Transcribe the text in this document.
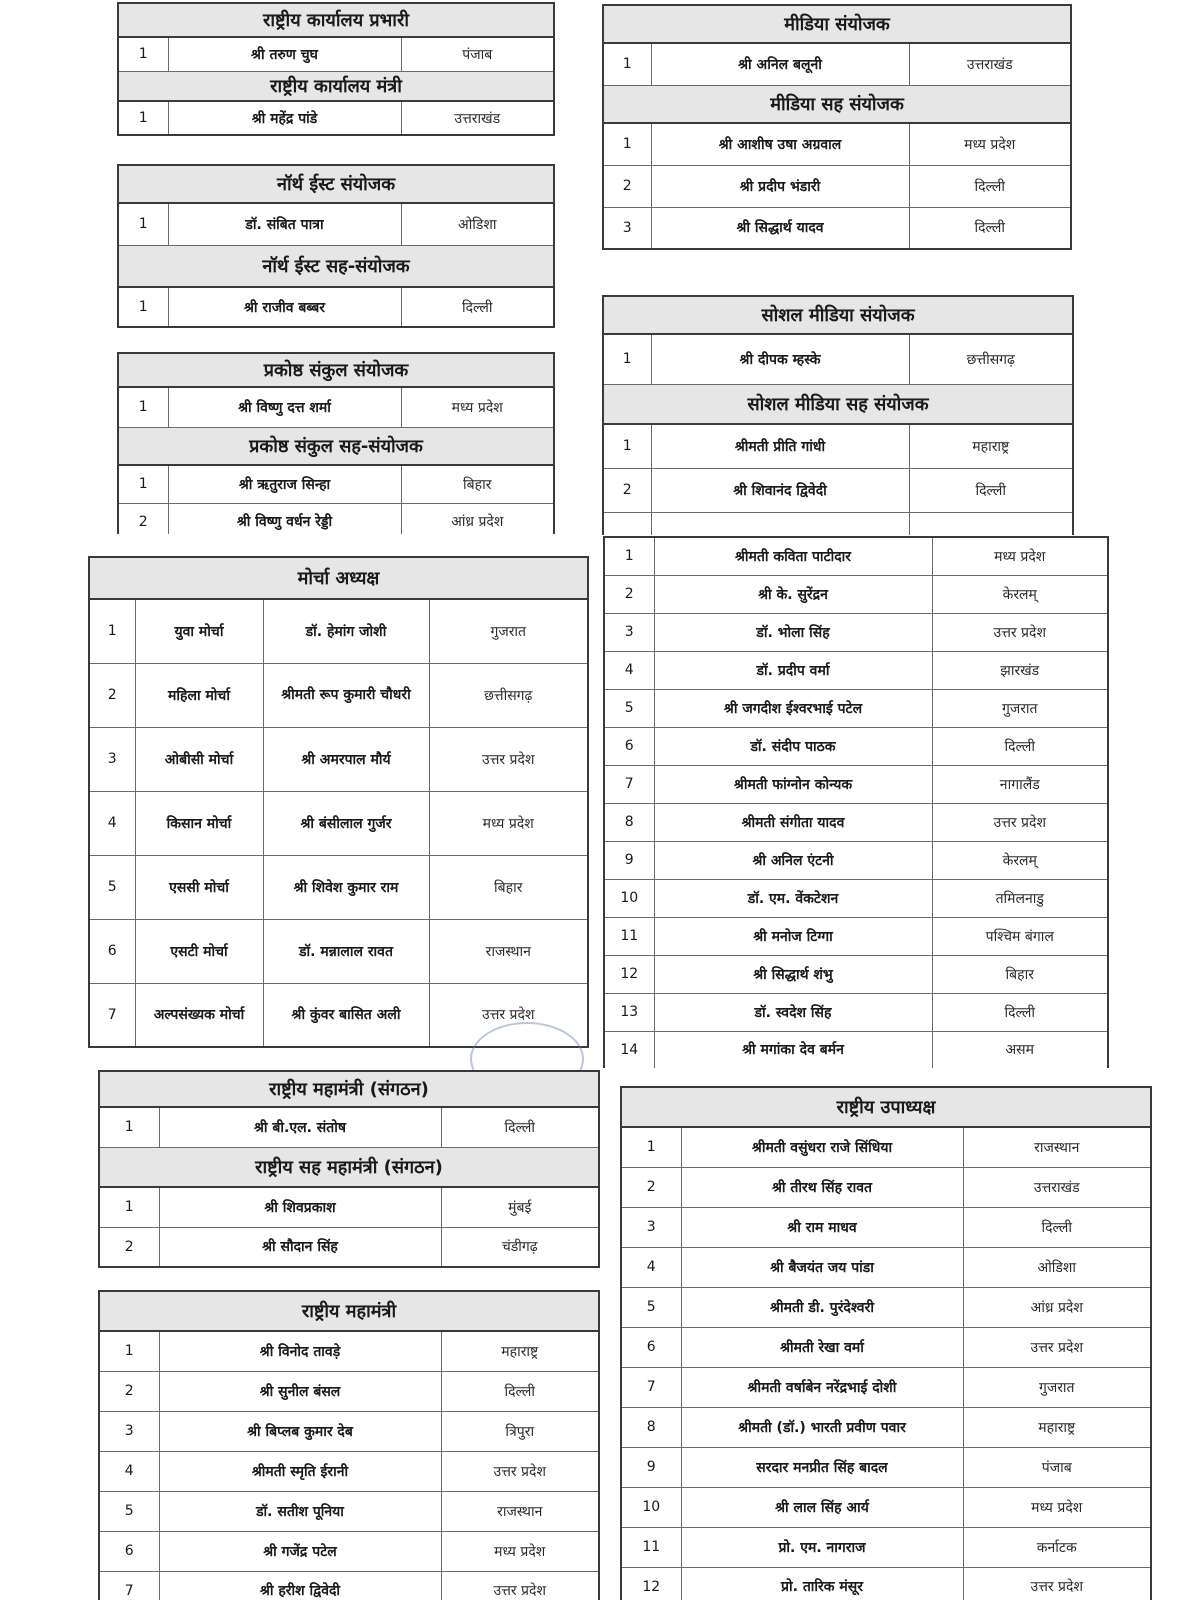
राष्ट्रीय कार्यालय प्रभारी		
1	श्री तरुण चुघ	पंजाब
राष्ट्रीय कार्यालय मंत्री		
1	श्री महेंद्र पांडे	उत्तराखंड
नॉर्थ ईस्ट संयोजक		
1	डॉ. संबित पात्रा	ओडिशा
नॉर्थ ईस्ट सह-संयोजक		
1	श्री राजीव बब्बर	दिल्ली
प्रकोष्ठ संकुल संयोजक		
1	श्री विष्णु दत्त शर्मा	मध्य प्रदेश
प्रकोष्ठ संकुल सह-संयोजक		
1	श्री ऋतुराज सिन्हा	बिहार
2	श्री विष्णु वर्धन रेड्डी	आंध्र प्रदेश
मीडिया संयोजक		
1	श्री अनिल बलूनी	उत्तराखंड
मीडिया सह संयोजक		
1	श्री आशीष उषा अग्रवाल	मध्य प्रदेश
2	श्री प्रदीप भंडारी	दिल्ली
3	श्री सिद्धार्थ यादव	दिल्ली
सोशल मीडिया संयोजक		
1	श्री दीपक म्हस्के	छत्तीसगढ़
सोशल मीडिया सह संयोजक		
1	श्रीमती प्रीति गांधी	महाराष्ट्र
2	श्री शिवानंद द्विवेदी	दिल्ली

मोर्चा अध्यक्ष			
1	युवा मोर्चा	डॉ. हेमांग जोशी	गुजरात
2	महिला मोर्चा	श्रीमती रूप कुमारी चौधरी	छत्तीसगढ़
3	ओबीसी मोर्चा	श्री अमरपाल मौर्य	उत्तर प्रदेश
4	किसान मोर्चा	श्री बंसीलाल गुर्जर	मध्य प्रदेश
5	एससी मोर्चा	श्री शिवेश कुमार राम	बिहार
6	एसटी मोर्चा	डॉ. मन्नालाल रावत	राजस्थान
7	अल्पसंख्यक मोर्चा	श्री कुंवर बासित अली	उत्तर प्रदेश
1	श्रीमती कविता पाटीदार	मध्य प्रदेश
2	श्री के. सुरेंद्रन	केरलम्
3	डॉ. भोला सिंह	उत्तर प्रदेश
4	डॉ. प्रदीप वर्मा	झारखंड
5	श्री जगदीश ईश्वरभाई पटेल	गुजरात
6	डॉ. संदीप पाठक	दिल्ली
7	श्रीमती फांग्नोन कोन्यक	नागालैंड
8	श्रीमती संगीता यादव	उत्तर प्रदेश
9	श्री अनिल एंटनी	केरलम्
10	डॉ. एम. वेंकटेशन	तमिलनाडु
11	श्री मनोज टिग्गा	पश्चिम बंगाल
12	श्री सिद्धार्थ शंभु	बिहार
13	डॉ. स्वदेश सिंह	दिल्ली
14	श्री मगांका देव बर्मन	असम
राष्ट्रीय महामंत्री (संगठन)		
1	श्री बी.एल. संतोष	दिल्ली
राष्ट्रीय सह महामंत्री (संगठन)		
1	श्री शिवप्रकाश	मुंबई
2	श्री सौदान सिंह	चंडीगढ़
राष्ट्रीय महामंत्री		
1	श्री विनोद तावड़े	महाराष्ट्र
2	श्री सुनील बंसल	दिल्ली
3	श्री बिप्लब कुमार देब	त्रिपुरा
4	श्रीमती स्मृति ईरानी	उत्तर प्रदेश
5	डॉ. सतीश पूनिया	राजस्थान
6	श्री गजेंद्र पटेल	मध्य प्रदेश
7	श्री हरीश द्विवेदी	उत्तर प्रदेश
राष्ट्रीय उपाध्यक्ष		
1	श्रीमती वसुंधरा राजे सिंधिया	राजस्थान
2	श्री तीरथ सिंह रावत	उत्तराखंड
3	श्री राम माधव	दिल्ली
4	श्री बैजयंत जय पांडा	ओडिशा
5	श्रीमती डी. पुरंदेश्वरी	आंध्र प्रदेश
6	श्रीमती रेखा वर्मा	उत्तर प्रदेश
7	श्रीमती वर्षाबेन नरेंद्रभाई दोशी	गुजरात
8	श्रीमती (डॉ.) भारती प्रवीण पवार	महाराष्ट्र
9	सरदार मनप्रीत सिंह बादल	पंजाब
10	श्री लाल सिंह आर्य	मध्य प्रदेश
11	प्रो. एम. नागराज	कर्नाटक
12	प्रो. तारिक मंसूर	उत्तर प्रदेश
